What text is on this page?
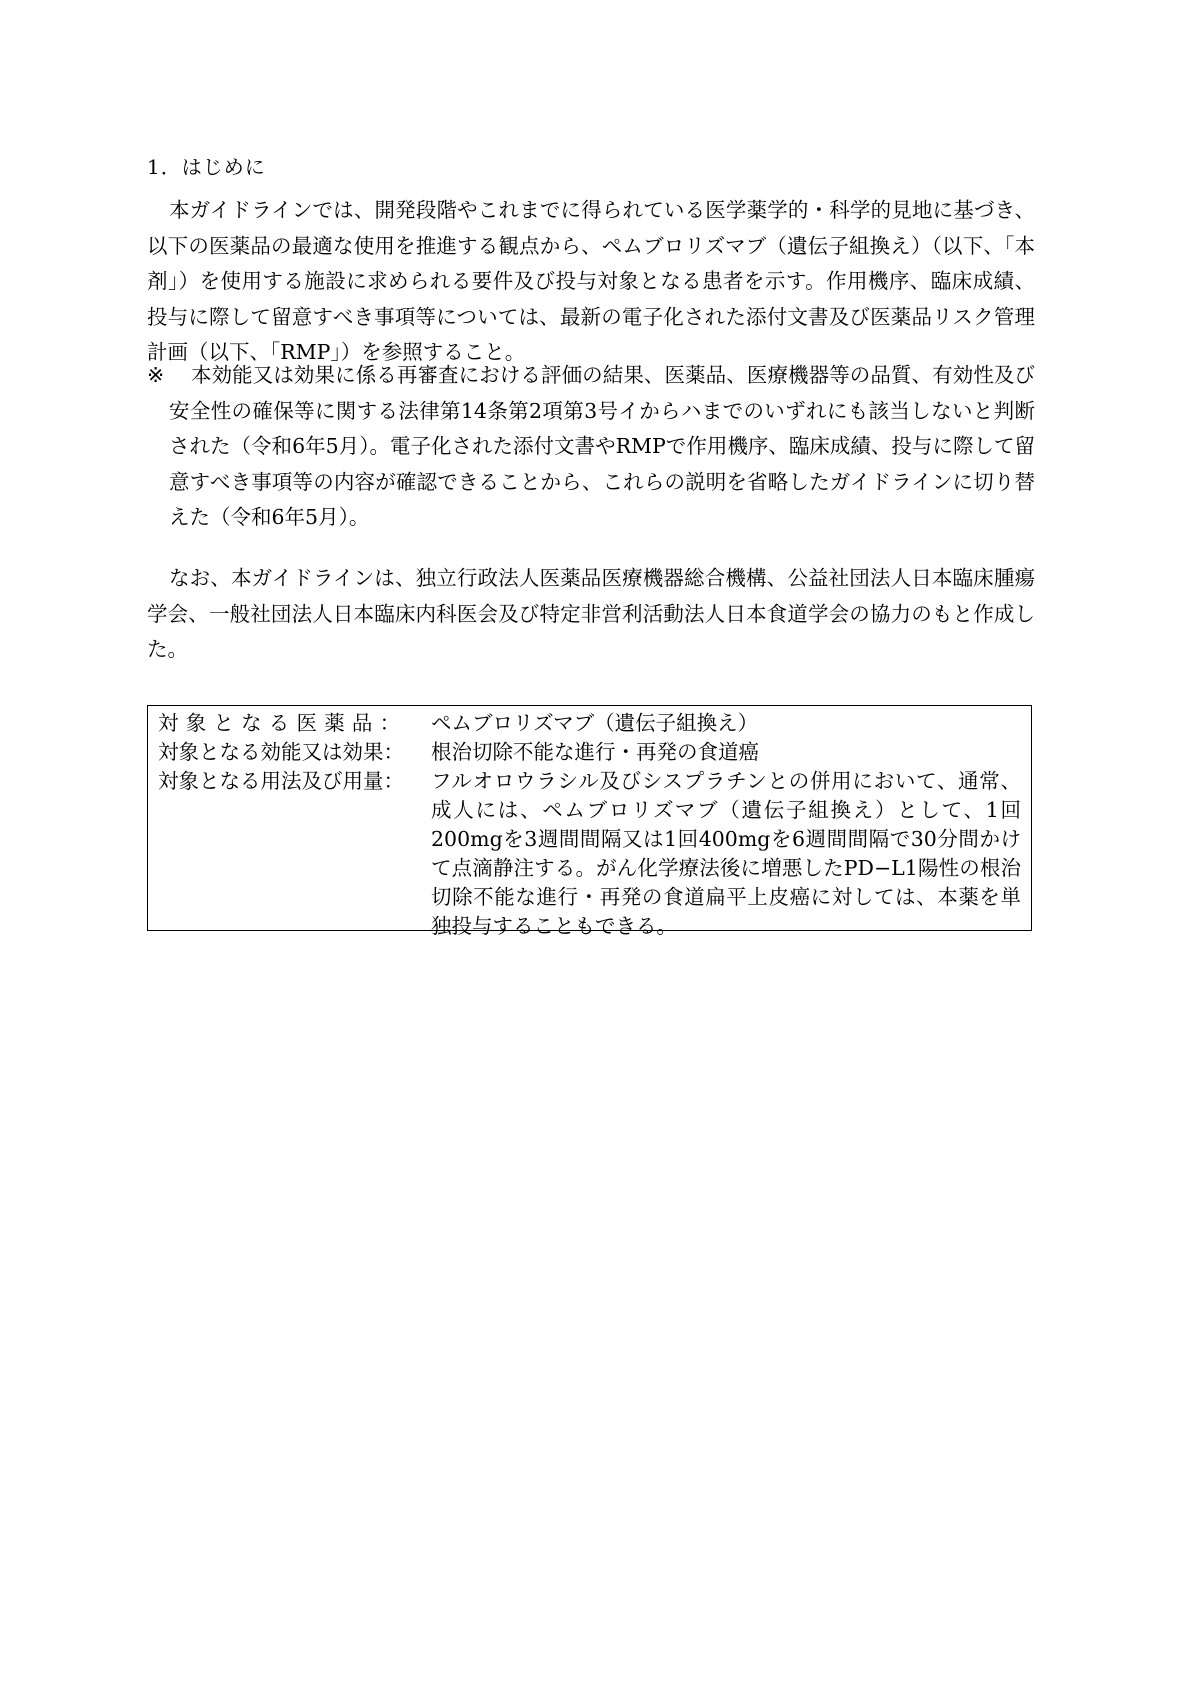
1．はじめに
本ガイドラインでは、開発段階やこれまでに得られている医学薬学的・科学的見地に基づき、以下の医薬品の最適な使用を推進する観点から、ペムブロリズマブ（遺伝子組換え）（以下、「本剤」）を使用する施設に求められる要件及び投与対象となる患者を示す。作用機序、臨床成績、投与に際して留意すべき事項等については、最新の電子化された添付文書及び医薬品リスク管理計画（以下、「RMP」）を参照すること。
※	本効能又は効果に係る再審査における評価の結果、医薬品、医療機器等の品質、有効性及び安全性の確保等に関する法律第14条第2項第3号イからハまでのいずれにも該当しないと判断された（令和6年5月）。電子化された添付文書やRMPで作用機序、臨床成績、投与に際して留意すべき事項等の内容が確認できることから、これらの説明を省略したガイドラインに切り替えた（令和6年5月）。
なお、本ガイドラインは、独立行政法人医薬品医療機器総合機構、公益社団法人日本臨床腫瘍学会、一般社団法人日本臨床内科医会及び特定非営利活動法人日本食道学会の協力のもと作成した。
対象となる医薬品：	ペムブロリズマブ（遺伝子組換え）
対象となる効能又は効果：	根治切除不能な進行・再発の食道癌
対象となる用法及び用量：	フルオロウラシル及びシスプラチンとの併用において、通常、成人には、ペムブロリズマブ（遺伝子組換え）として、1回200mgを3週間間隔又は1回400mgを6週間間隔で30分間かけて点滴静注する。がん化学療法後に増悪したPD−L1陽性の根治切除不能な進行・再発の食道扁平上皮癌に対しては、本薬を単独投与することもできる。
